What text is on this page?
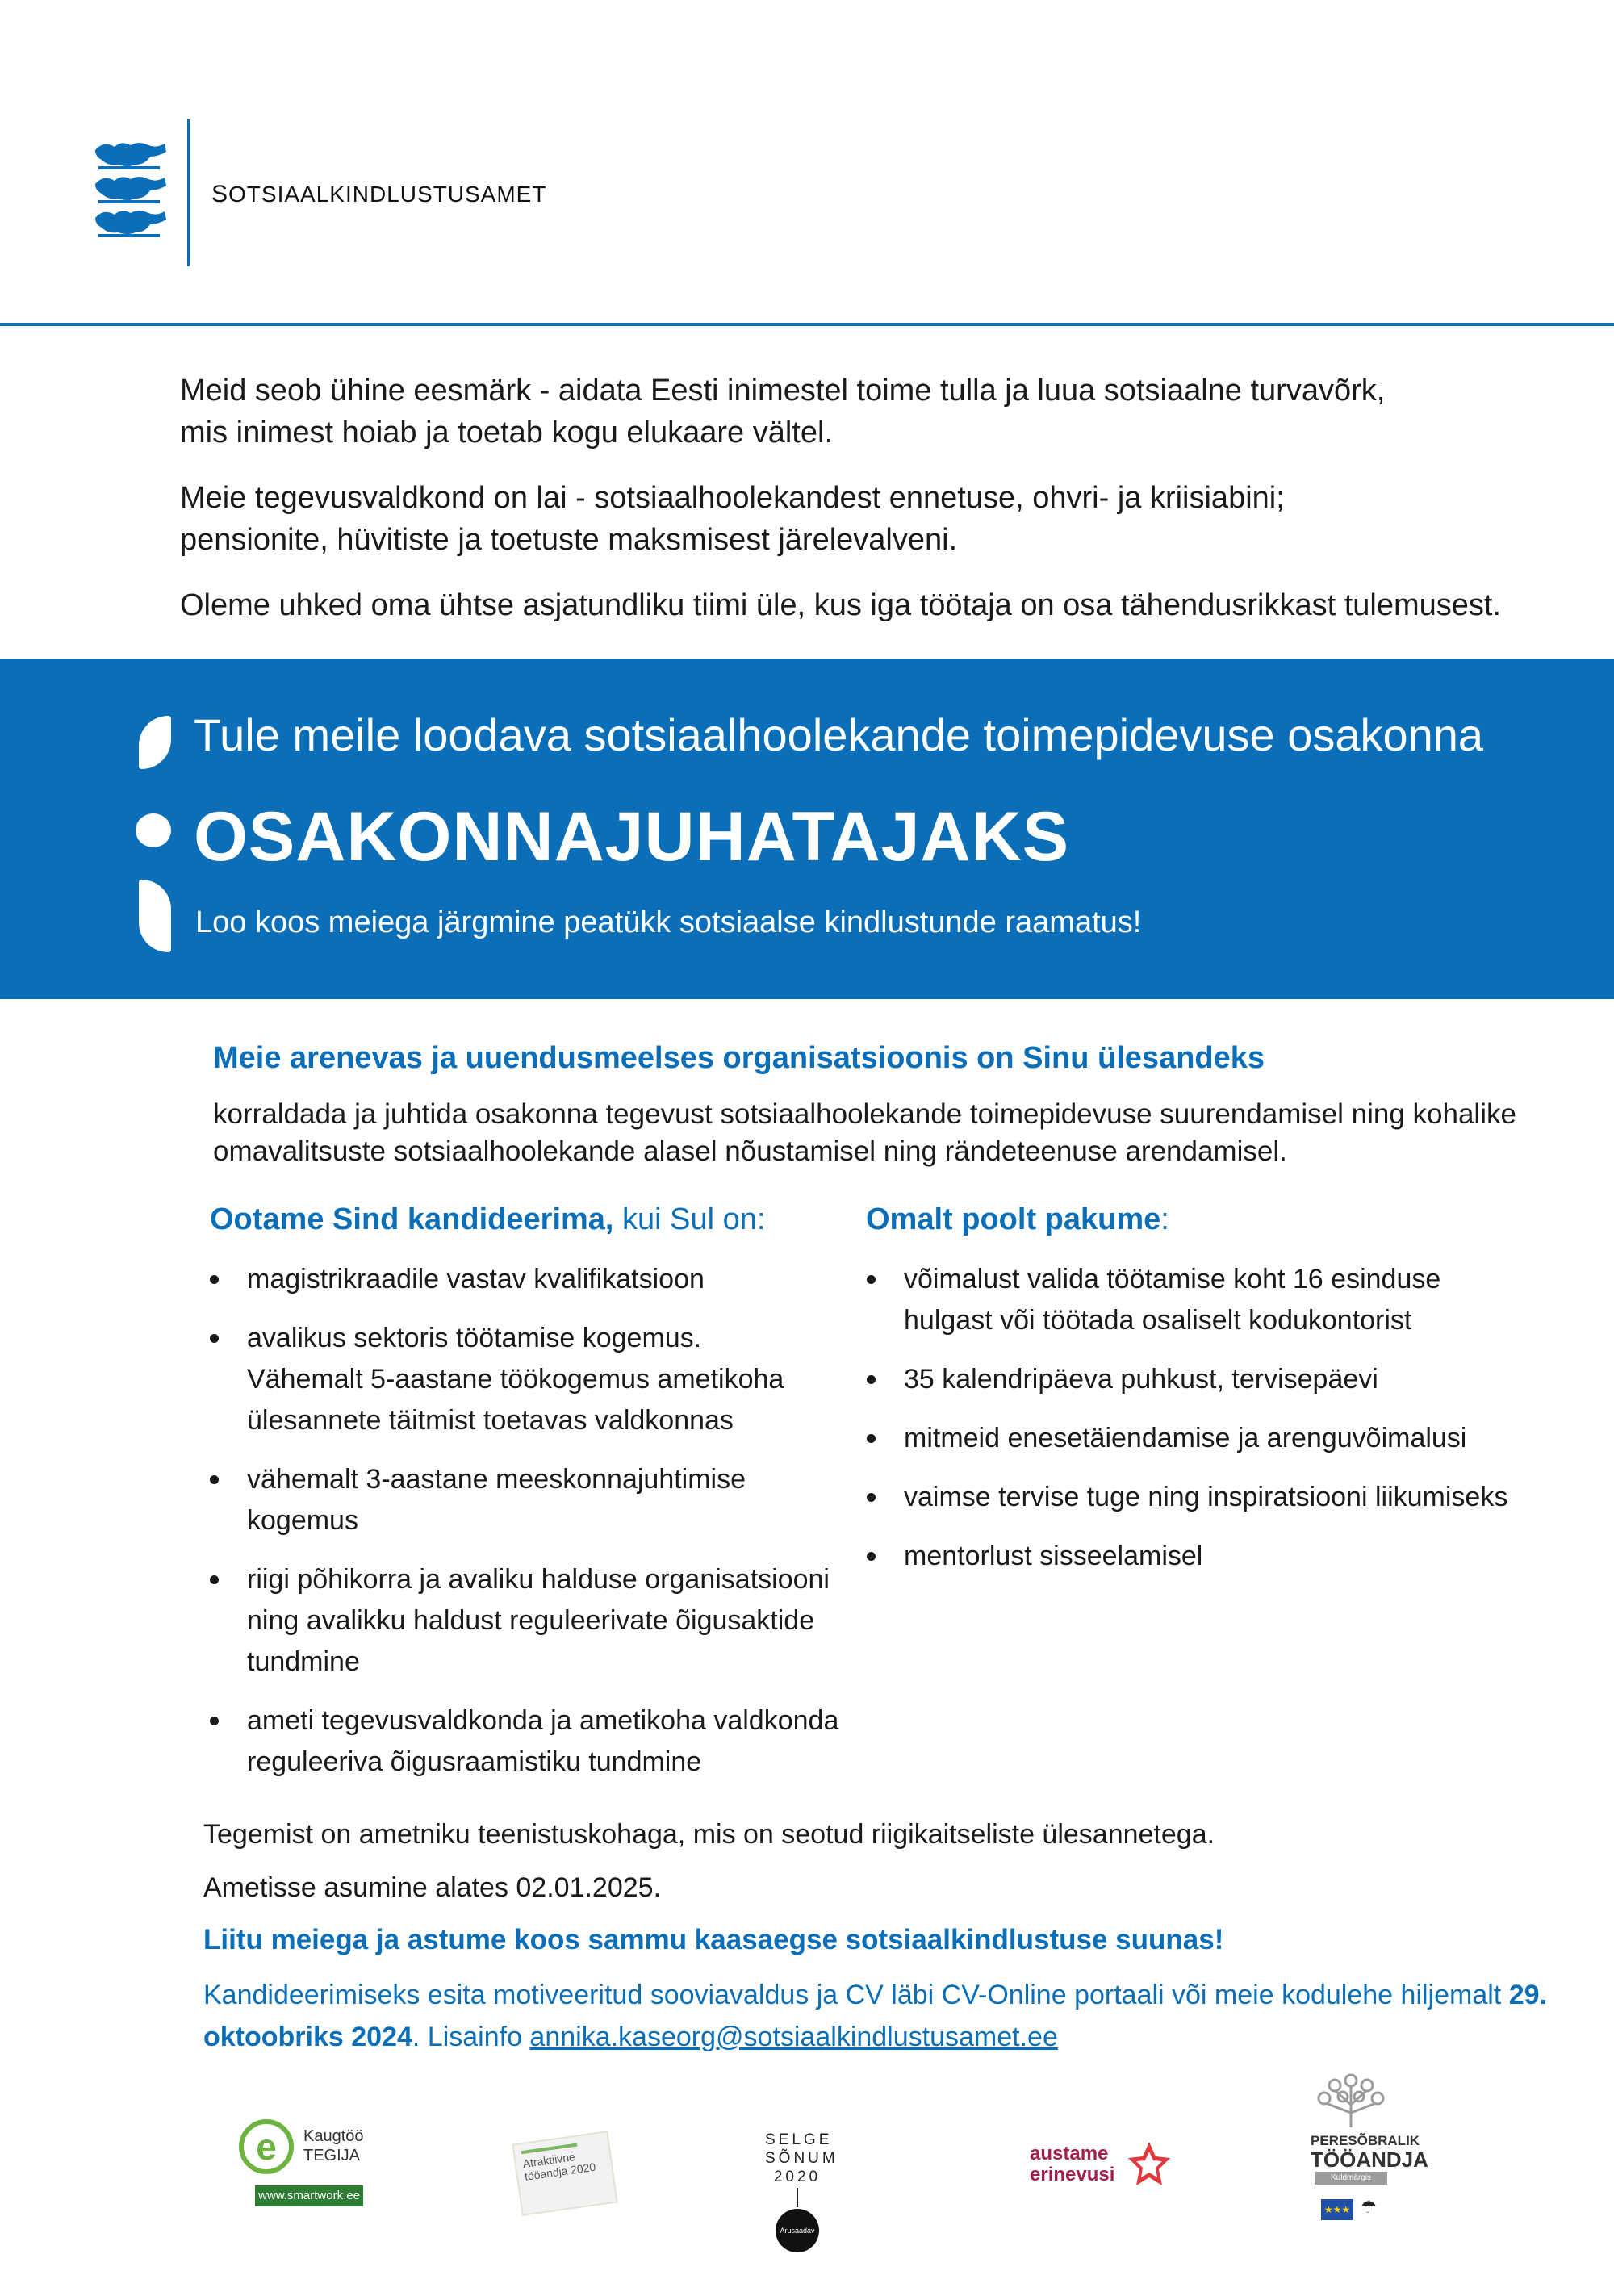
SOTSIAALKINDLUSTUSAMET

Meid seob ühine eesmärk - aidata Eesti inimestel toime tulla ja luua sotsiaalne turvavõrk, mis inimest hoiab ja toetab kogu elukaare vältel.

Meie tegevusvaldkond on lai - sotsiaalhoolekandest ennetuse, ohvri- ja kriisiabini; pensionite, hüvitiste ja toetuste maksmisest järelevalveni.

Oleme uhked oma ühtse asjatundliku tiimi üle, kus iga töötaja on osa tähendusrikkast tulemusest.

Tule meile loodava sotsiaalhoolekande toimepidevuse osakonna
OSAKONNAJUHATAJAKS
Loo koos meiega järgmine peatükk sotsiaalse kindlustunde raamatus!
Meie arenevas ja uuendusmeelses organisatsioonis on Sinu ülesandeks
korraldada ja juhtida osakonna tegevust sotsiaalhoolekande toimepidevuse suurendamisel ning kohalike omavalitsuste sotsiaalhoolekande alasel nõustamisel ning rändeteenuse arendamisel.
Ootame Sind kandideerima, kui Sul on:	Omalt poolt pakume:
magistrikraadile vastav kvalifikatsioon
avalikus sektoris töötamise kogemus. Vähemalt 5-aastane töökogemus ametikoha ülesannete täitmist toetavas valdkonnas
vähemalt 3-aastane meeskonnajuhtimise kogemus
riigi põhikorra ja avaliku halduse organisatsiooni ning avalikku haldust reguleerivate õigusaktide tundmine
ameti tegevusvaldkonda ja ametikoha valdkonda reguleeriva õigusraamistiku tundmine
võimalust valida töötamise koht 16 esinduse hulgast või töötada osaliselt kodukontorist
35 kalendripäeva puhkust, tervisepäevi
mitmeid enesetäiendamise ja arenguvõimalusi
vaimse tervise tuge ning inspiratsiooni liikumiseks
mentorlust sisseelamisel
Tegemist on ametniku teenistuskohaga, mis on seotud riigikaitseliste ülesannetega.
Ametisse asumine alates 02.01.2025.
Liitu meiega ja astume koos sammu kaasaegse sotsiaalkindlustuse suunas!
Kandideerimiseks esita motiveeritud sooviavaldus ja CV läbi CV-Online portaali või meie kodulehe hiljemalt 29. oktoobriks 2024. Lisainfo annika.kaseorg@sotsiaalkindlustusamet.ee
e	Kaugtöö
TEGIJA
www.smartwork.ee
Atraktiivne tööandja 2020
SELGE
SÕNUM
2020
Arusaadav töö
austame
erinevusi
PERESÕBRALIK
TÖÖANDJA
Kuldmärgis
★★★ ☂
